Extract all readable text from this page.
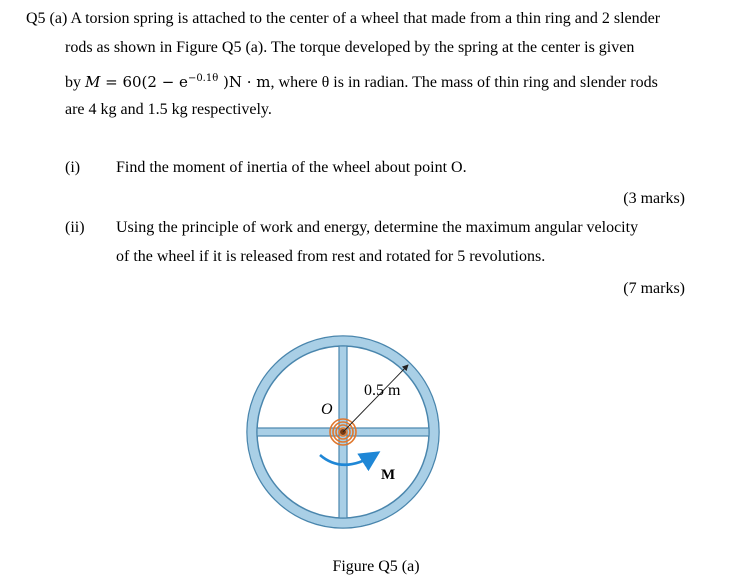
Q5 (a) A torsion spring is attached to the center of a wheel that made from a thin ring and 2 slender
rods as shown in Figure Q5 (a). The torque developed by the spring at the center is given
by $M = 60(2 - e^{-0.1\theta}$ )N · m, where θ is in radian. The mass of thin ring and slender rods
are 4 kg and 1.5 kg respectively.
(i) Find the moment of inertia of the wheel about point O.
(3 marks)
(ii) Using the principle of work and energy, determine the maximum angular velocity
of the wheel if it is released from rest and rotated for 5 revolutions.
(7 marks)
0.5 m
O
M
Figure Q5 (a)
